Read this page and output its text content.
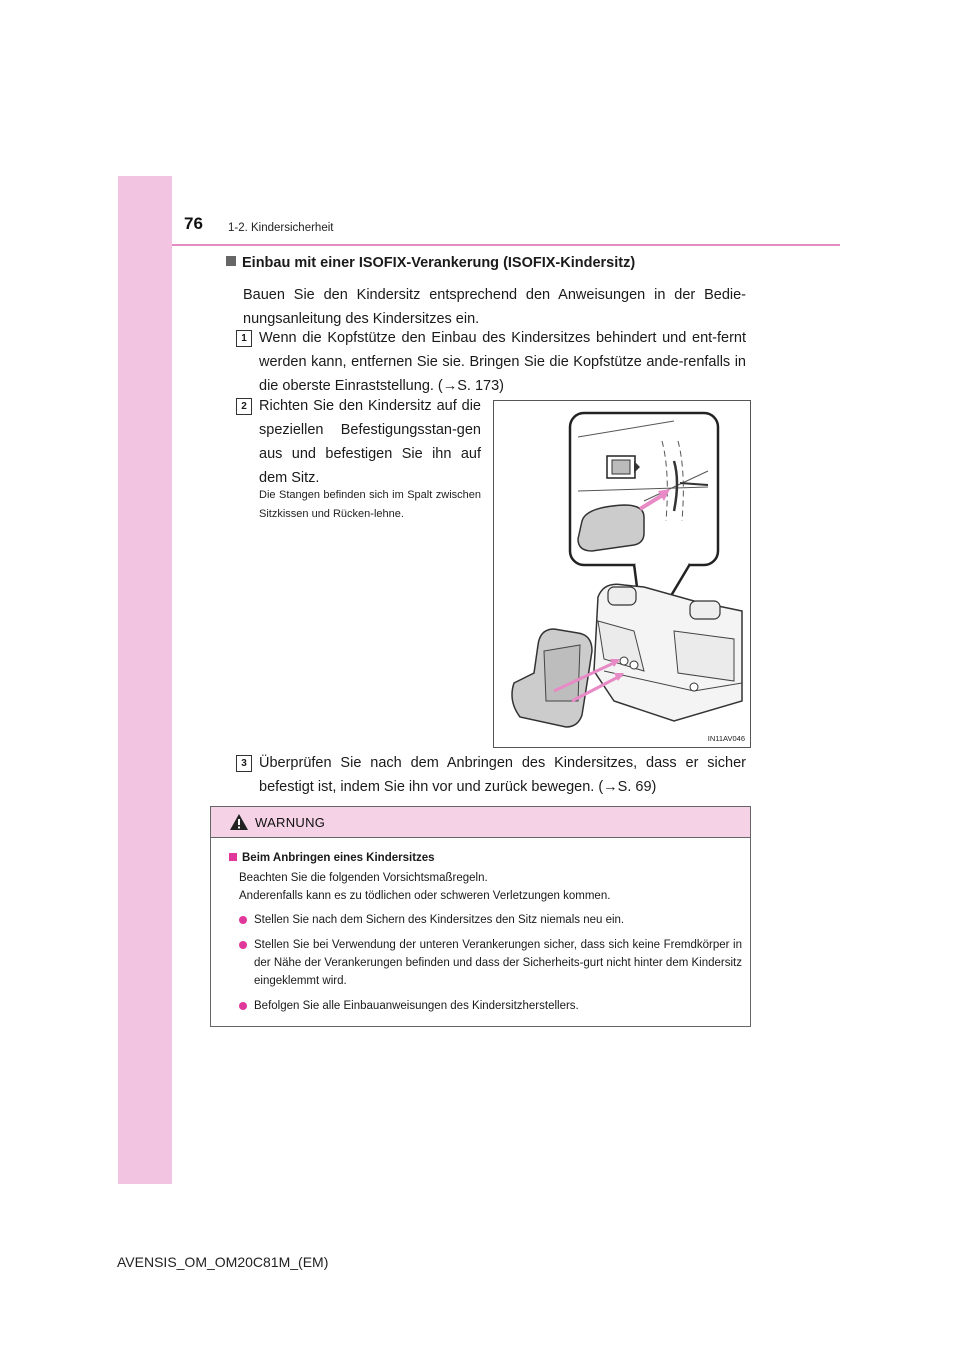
76 1-2. Kindersicherheit
Einbau mit einer ISOFIX-Verankerung (ISOFIX-Kindersitz)
Bauen Sie den Kindersitz entsprechend den Anweisungen in der Bedie-nungsanleitung des Kindersitzes ein.
1 Wenn die Kopfstütze den Einbau des Kindersitzes behindert und ent-fernt werden kann, entfernen Sie sie. Bringen Sie die Kopfstütze ande-renfalls in die oberste Einraststellung. (→S. 173)
2 Richten Sie den Kindersitz auf die speziellen Befestigungsstan-gen aus und befestigen Sie ihn auf dem Sitz.
Die Stangen befinden sich im Spalt zwischen Sitzkissen und Rücken-lehne.
IN11AV046
3 Überprüfen Sie nach dem Anbringen des Kindersitzes, dass er sicher befestigt ist, indem Sie ihn vor und zurück bewegen. (→S. 69)
WARNUNG
Beim Anbringen eines Kindersitzes
Beachten Sie die folgenden Vorsichtsmaßregeln.
Anderenfalls kann es zu tödlichen oder schweren Verletzungen kommen.
Stellen Sie nach dem Sichern des Kindersitzes den Sitz niemals neu ein.
Stellen Sie bei Verwendung der unteren Verankerungen sicher, dass sich keine Fremdkörper in der Nähe der Verankerungen befinden und dass der Sicherheits-gurt nicht hinter dem Kindersitz eingeklemmt wird.
Befolgen Sie alle Einbauanweisungen des Kindersitzherstellers.
AVENSIS_OM_OM20C81M_(EM)
